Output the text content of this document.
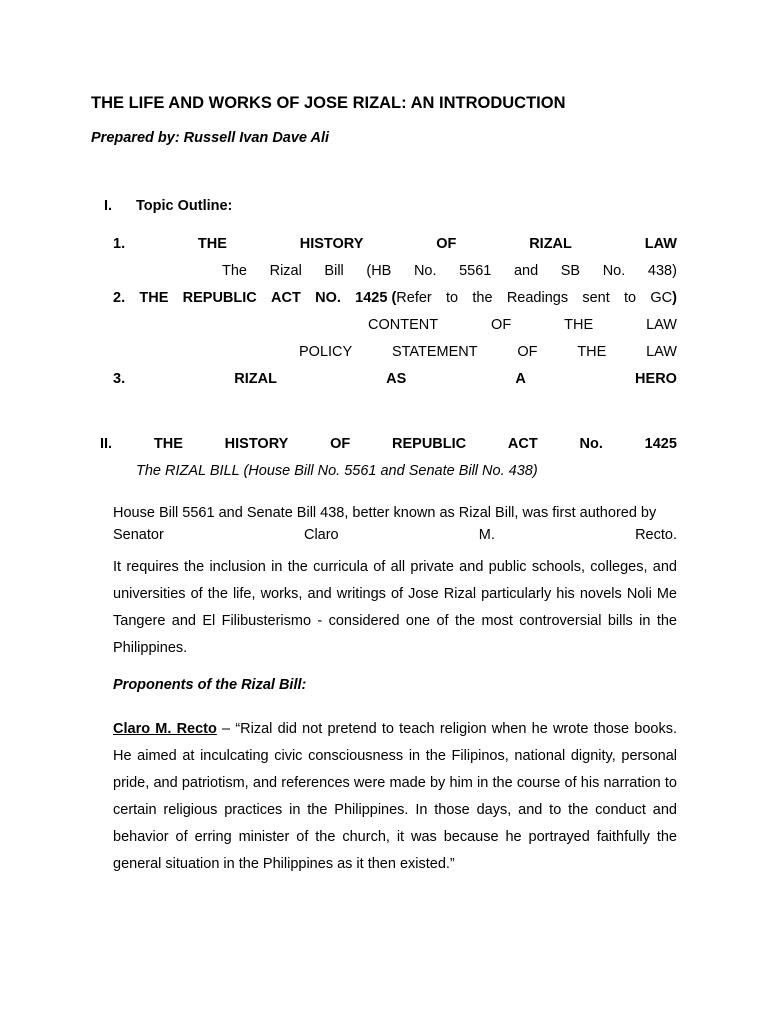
THE LIFE AND WORKS OF JOSE RIZAL: AN INTRODUCTION
Prepared by: Russell Ivan Dave Ali
I. Topic Outline:
1.	THE	HISTORY	OF	RIZAL	LAW
The Rizal Bill (HB No. 5561 and SB No. 438)
2. THE REPUBLIC ACT NO. 1425 (Refer to the Readings sent to GC)
CONTENT	OF	THE	LAW
POLICY	STATEMENT	OF	THE	LAW
3.	RIZAL	AS	A	HERO
II.	THE	HISTORY	OF	REPUBLIC	ACT	No.	1425
The RIZAL BILL (House Bill No. 5561 and Senate Bill No. 438)
House Bill 5561 and Senate Bill 438, better known as Rizal Bill, was first authored by
Senator	Claro	M.	Recto.
It requires the inclusion in the curricula of all private and public schools, colleges, and universities of the life, works, and writings of Jose Rizal particularly his novels Noli Me Tangere and El Filibusterismo - considered one of the most controversial bills in the Philippines.
Proponents of the Rizal Bill:
Claro M. Recto – “Rizal did not pretend to teach religion when he wrote those books. He aimed at inculcating civic consciousness in the Filipinos, national dignity, personal pride, and patriotism, and references were made by him in the course of his narration to certain religious practices in the Philippines. In those days, and to the conduct and behavior of erring minister of the church, it was because he portrayed faithfully the general situation in the Philippines as it then existed.”
